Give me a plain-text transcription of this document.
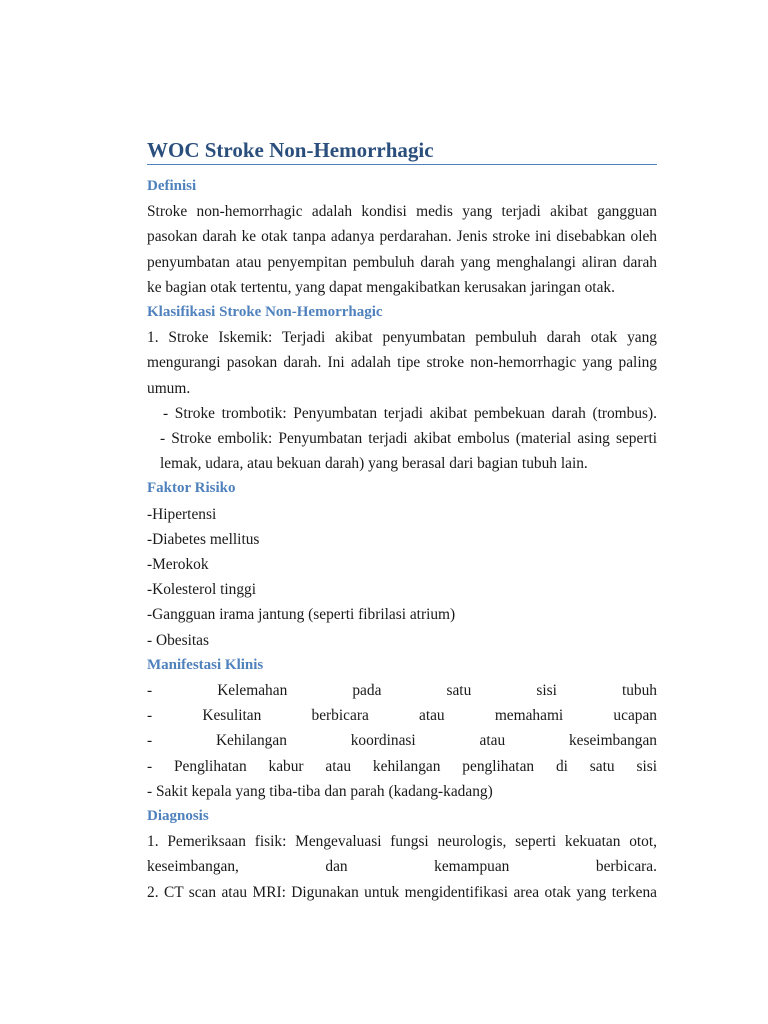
WOC Stroke Non-Hemorrhagic
Definisi
Stroke non-hemorrhagic adalah kondisi medis yang terjadi akibat gangguan pasokan darah ke otak tanpa adanya perdarahan. Jenis stroke ini disebabkan oleh penyumbatan atau penyempitan pembuluh darah yang menghalangi aliran darah ke bagian otak tertentu, yang dapat mengakibatkan kerusakan jaringan otak.
Klasifikasi Stroke Non-Hemorrhagic
1. Stroke Iskemik: Terjadi akibat penyumbatan pembuluh darah otak yang mengurangi pasokan darah. Ini adalah tipe stroke non-hemorrhagic yang paling umum.
- Stroke trombotik: Penyumbatan terjadi akibat pembekuan darah (trombus).
- Stroke embolik: Penyumbatan terjadi akibat embolus (material asing seperti lemak, udara, atau bekuan darah) yang berasal dari bagian tubuh lain.
Faktor Risiko
-Hipertensi
-Diabetes mellitus
-Merokok
-Kolesterol tinggi
-Gangguan irama jantung (seperti fibrilasi atrium)
- Obesitas
Manifestasi Klinis
- Kelemahan pada satu sisi tubuh
- Kesulitan berbicara atau memahami ucapan
- Kehilangan koordinasi atau keseimbangan
- Penglihatan kabur atau kehilangan penglihatan di satu sisi
- Sakit kepala yang tiba-tiba dan parah (kadang-kadang)
Diagnosis
1. Pemeriksaan fisik: Mengevaluasi fungsi neurologis, seperti kekuatan otot,
keseimbangan, dan kemampuan berbicara.
2. CT scan atau MRI: Digunakan untuk mengidentifikasi area otak yang terkena
